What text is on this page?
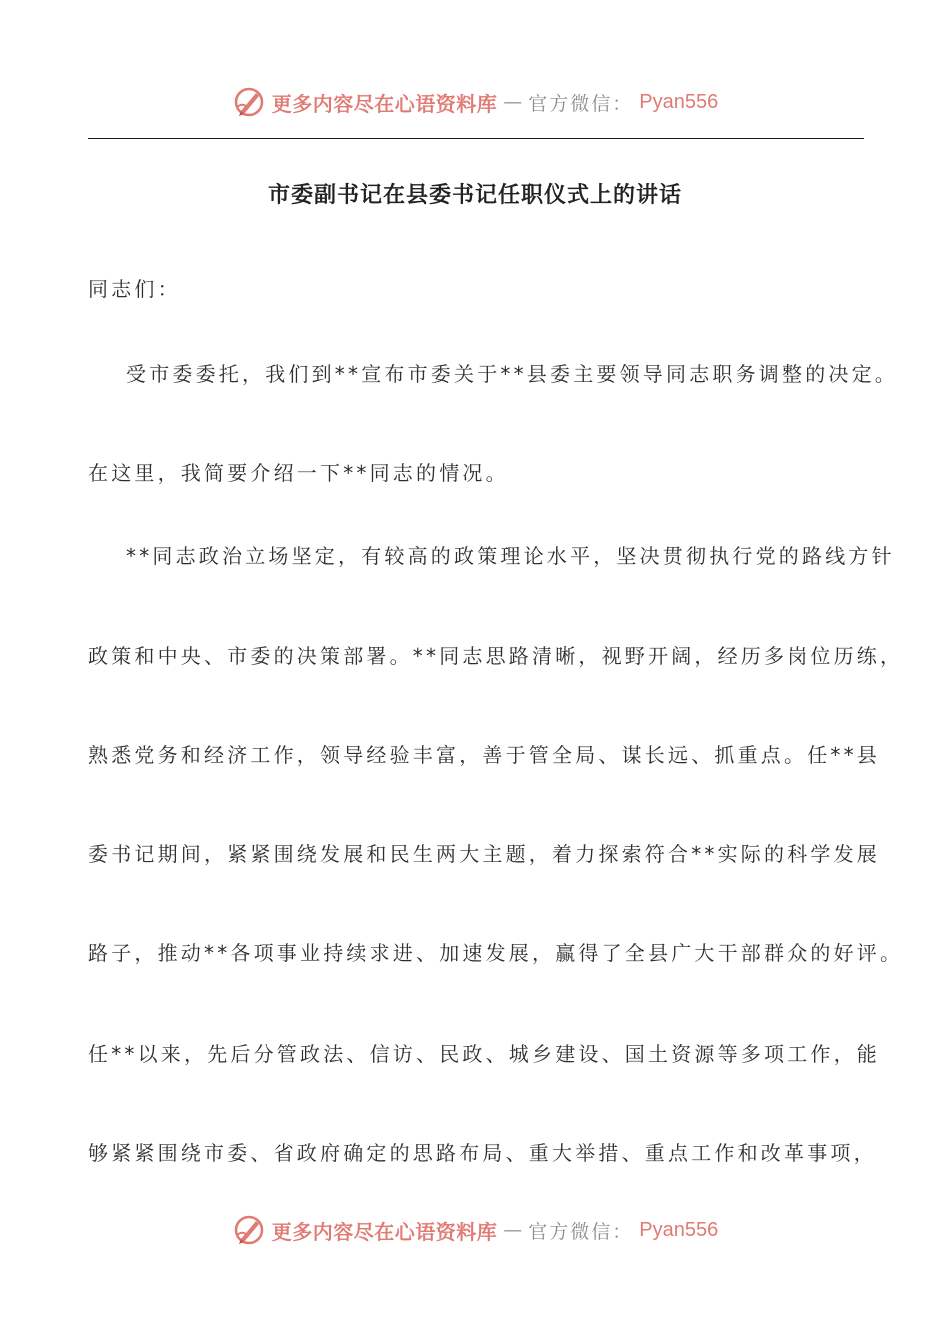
更多内容尽在心语资料库 — 官方微信： Pyan556
市委副书记在县委书记任职仪式上的讲话
同志们：
受市委委托，我们到**宣布市委关于**县委主要领导同志职务调整的决定。
在这里，我简要介绍一下**同志的情况。
**同志政治立场坚定，有较高的政策理论水平，坚决贯彻执行党的路线方针
政策和中央、市委的决策部署。**同志思路清晰，视野开阔，经历多岗位历练，
熟悉党务和经济工作，领导经验丰富，善于管全局、谋长远、抓重点。任**县
委书记期间，紧紧围绕发展和民生两大主题，着力探索符合**实际的科学发展
路子，推动**各项事业持续求进、加速发展，赢得了全县广大干部群众的好评。
任**以来，先后分管政法、信访、民政、城乡建设、国土资源等多项工作，能
够紧紧围绕市委、省政府确定的思路布局、重大举措、重点工作和改革事项，
更多内容尽在心语资料库 — 官方微信： Pyan556
